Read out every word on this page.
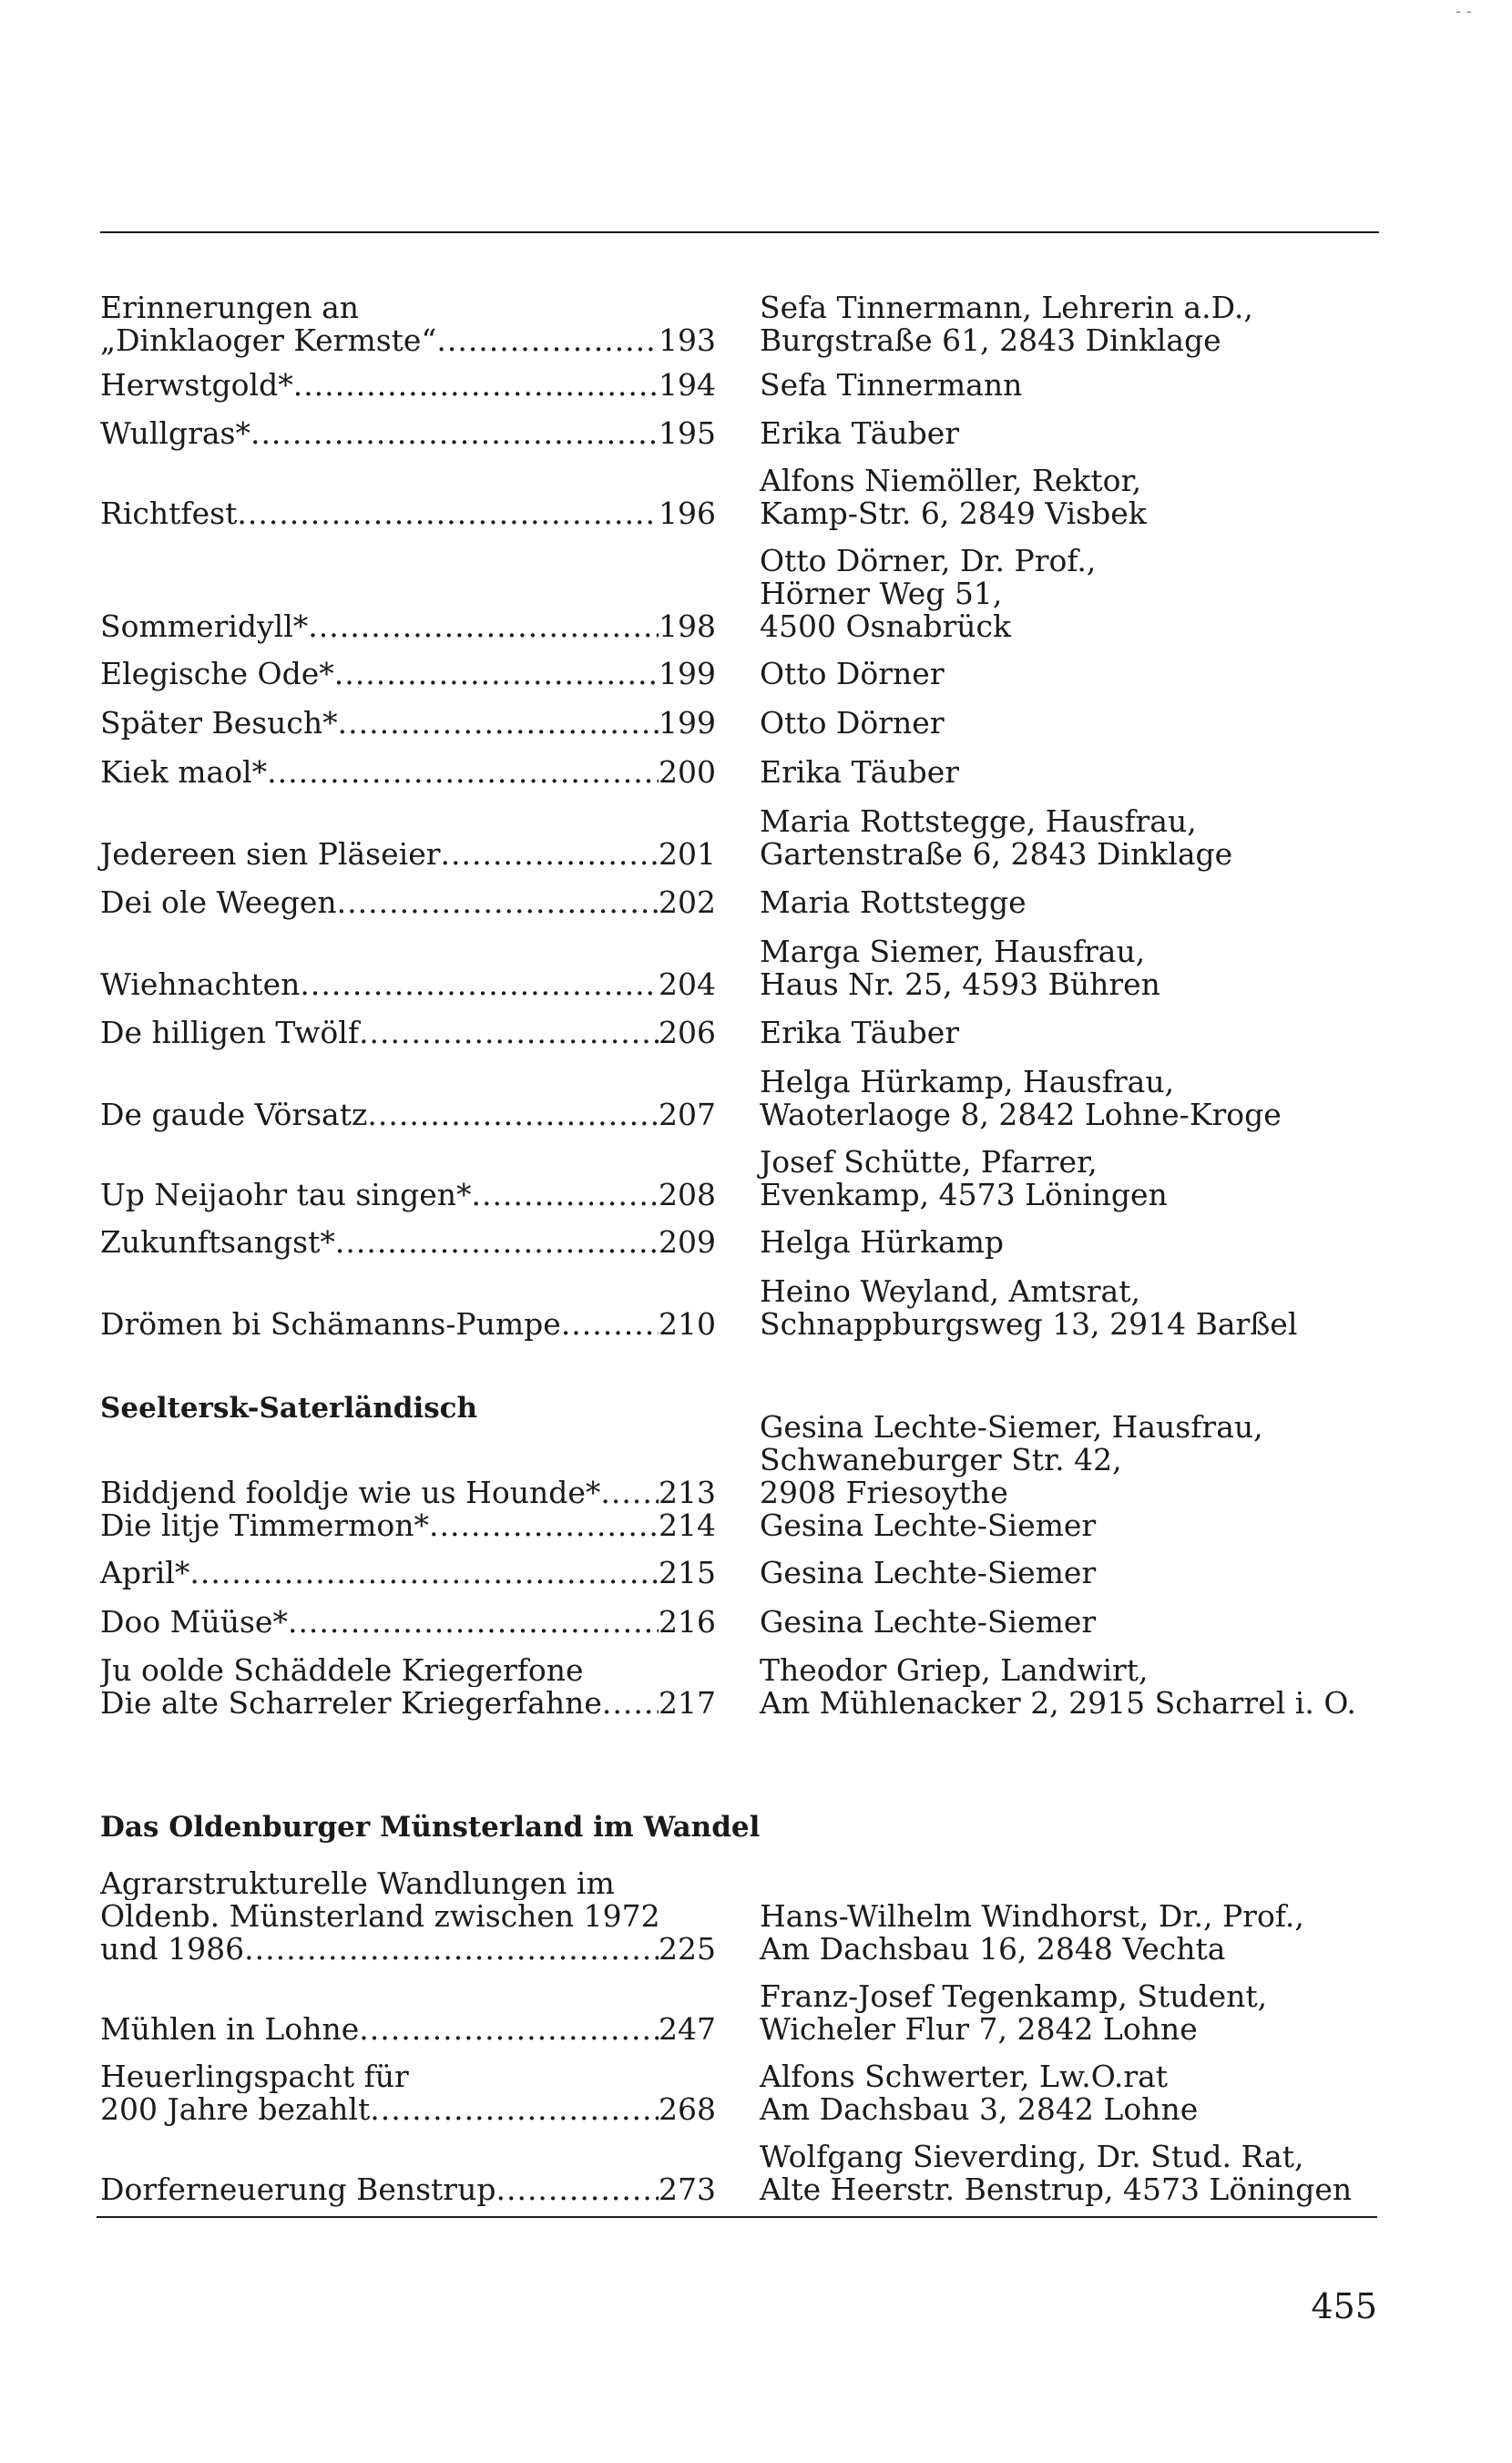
- -
Erinnerungen an
„Dinklaoger Kermste“ .....	193
Sefa Tinnermann, Lehrerin a.D.,
Burgstraße 61, 2843 Dinklage
Herwstgold* .....	194 Sefa Tinnermann
Wullgras* .....	195 Erika Täuber
Richtfest .....	196
Alfons Niemöller, Rektor,
Kamp-Str. 6, 2849 Visbek
Sommeridyll* .....	198
Otto Dörner, Dr. Prof.,
Hörner Weg 51,
4500 Osnabrück
Elegische Ode* .....	199 Otto Dörner
Später Besuch* .....	199 Otto Dörner
Kiek maol* .....	200 Erika Täuber
Jedereen sien Pläseier .....	201
Maria Rottstegge, Hausfrau,
Gartenstraße 6, 2843 Dinklage
Dei ole Weegen .....	202 Maria Rottstegge
Wiehnachten .....	204
Marga Siemer, Hausfrau,
Haus Nr. 25, 4593 Bühren
De hilligen Twölf .....	206 Erika Täuber
De gaude Vörsatz .....	207
Helga Hürkamp, Hausfrau,
Waoterlaoge 8, 2842 Lohne-Kroge
Up Neijaohr tau singen* .....	208
Josef Schütte, Pfarrer,
Evenkamp, 4573 Löningen
Zukunftsangst* .....	209 Helga Hürkamp
Drömen bi Schämanns-Pumpe .....	210
Heino Weyland, Amtsrat,
Schnappburgsweg 13, 2914 Barßel
Biddjend fooldje wie us Hounde* ..... 213
Gesina Lechte-Siemer, Hausfrau,
Schwaneburger Str. 42,
2908 Friesoythe
Die litje Timmermon* .....	214 Gesina Lechte-Siemer
April* .....	215 Gesina Lechte-Siemer
Doo Müüse* .....	216 Gesina Lechte-Siemer
Ju oolde Schäddele Kriegerfone
Die alte Scharreler Kriegerfahne ..... 217
Theodor Griep, Landwirt,
Am Mühlenacker 2, 2915 Scharrel i. O.
Agrarstrukturelle Wandlungen im
Oldenb. Münsterland zwischen 1972
und 1986 .....	225
Hans-Wilhelm Windhorst, Dr., Prof.,
Am Dachsbau 16, 2848 Vechta
Mühlen in Lohne .....	247
Franz-Josef Tegenkamp, Student,
Wicheler Flur 7, 2842 Lohne
Heuerlingspacht für
200 Jahre bezahlt .....	268
Alfons Schwerter, Lw.O.rat
Am Dachsbau 3, 2842 Lohne
Dorferneuerung Benstrup .....	273
Wolfgang Sieverding, Dr. Stud. Rat,
Alte Heerstr. Benstrup, 4573 Löningen
Seeltersk-Saterländisch
Das Oldenburger Münsterland im Wandel
455
